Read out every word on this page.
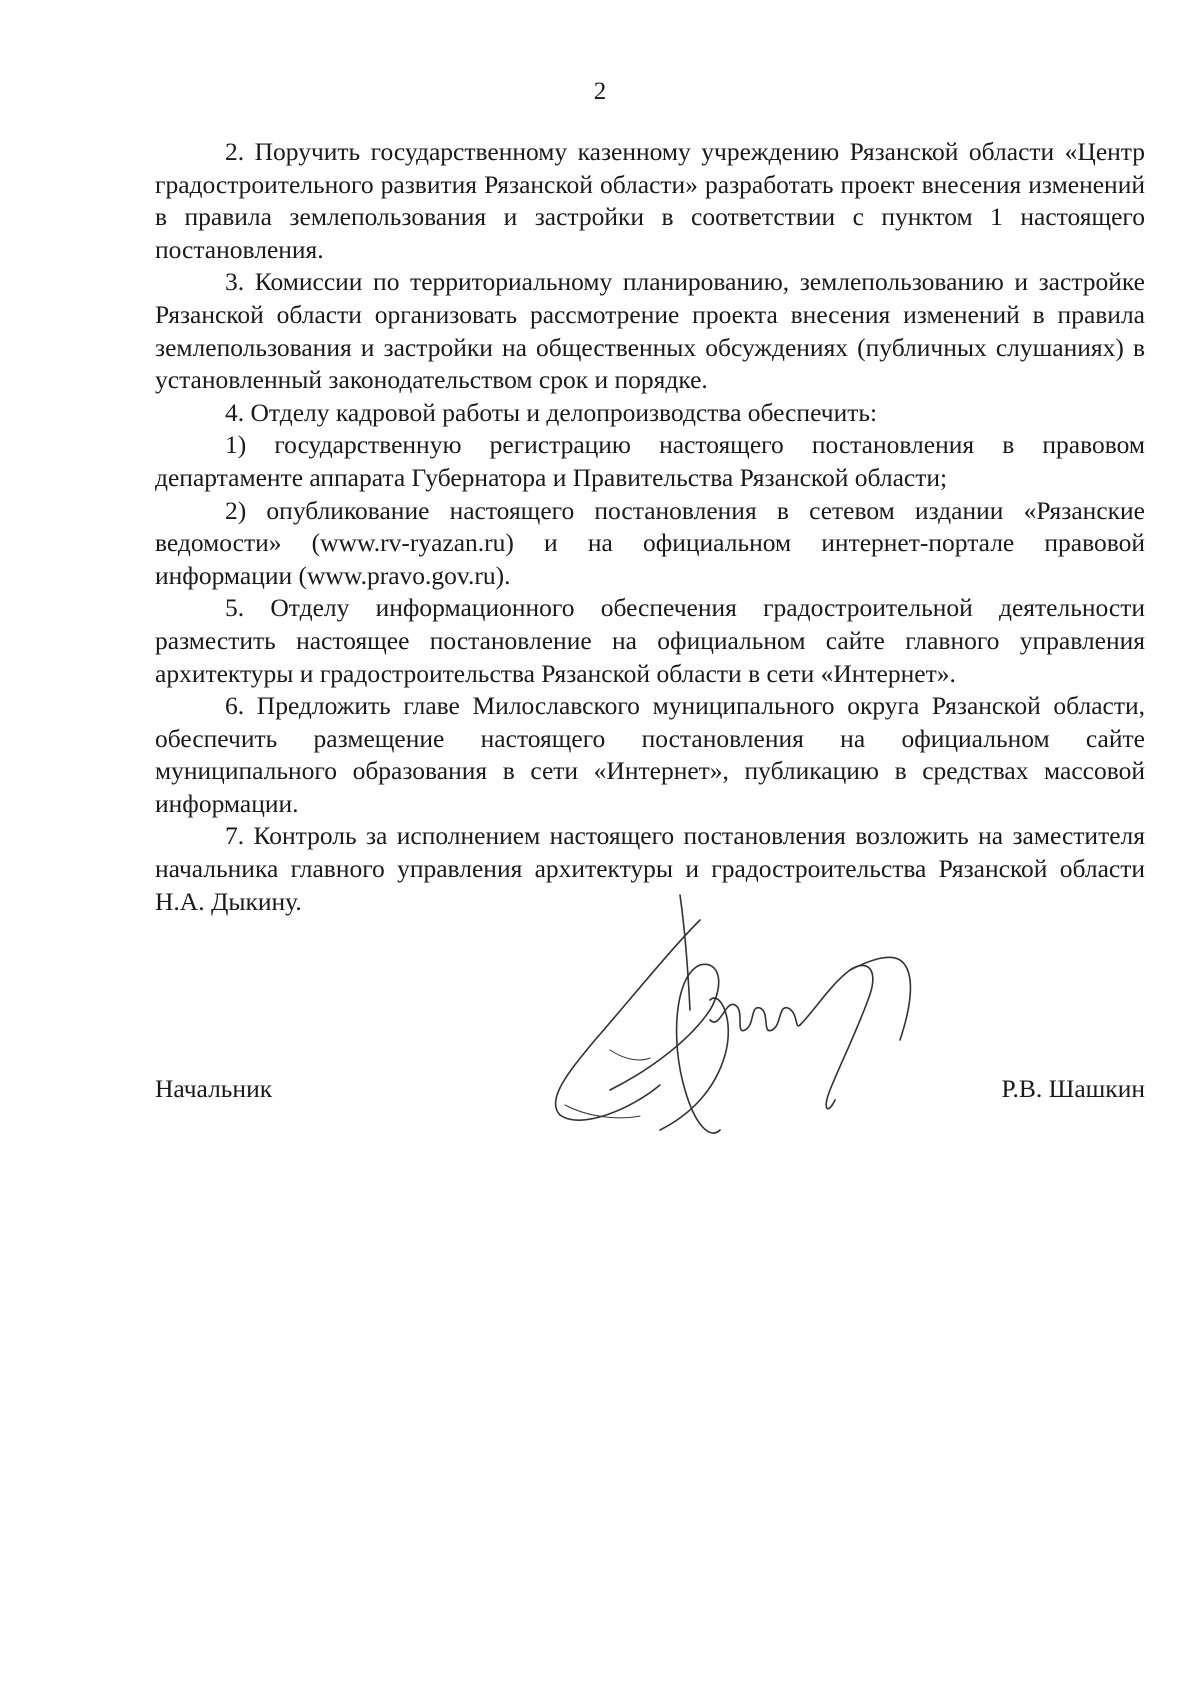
2

2. Поручить государственному казенному учреждению Рязанской области «Центр градостроительного развития Рязанской области» разработать проект внесения изменений в правила землепользования и застройки в соответствии с пунктом 1 настоящего постановления.

3. Комиссии по территориальному планированию, землепользованию и застройке Рязанской области организовать рассмотрение проекта внесения изменений в правила землепользования и застройки на общественных обсуждениях (публичных слушаниях) в установленный законодательством срок и порядке.

4. Отделу кадровой работы и делопроизводства обеспечить:

1) государственную регистрацию настоящего постановления в правовом департаменте аппарата Губернатора и Правительства Рязанской области;

2) опубликование настоящего постановления в сетевом издании «Рязанские ведомости» (www.rv-ryazan.ru) и на официальном интернет-портале правовой информации (www.pravo.gov.ru).

5. Отделу информационного обеспечения градостроительной деятельности разместить настоящее постановление на официальном сайте главного управления архитектуры и градостроительства Рязанской области в сети «Интернет».

6. Предложить главе Милославского муниципального округа Рязанской области, обеспечить размещение настоящего постановления на официальном сайте муниципального образования в сети «Интернет», публикацию в средствах массовой информации.

7. Контроль за исполнением настоящего постановления возложить на заместителя начальника главного управления архитектуры и градостроительства Рязанской области Н.А. Дыкину.

Начальник	Р.В. Шашкин
